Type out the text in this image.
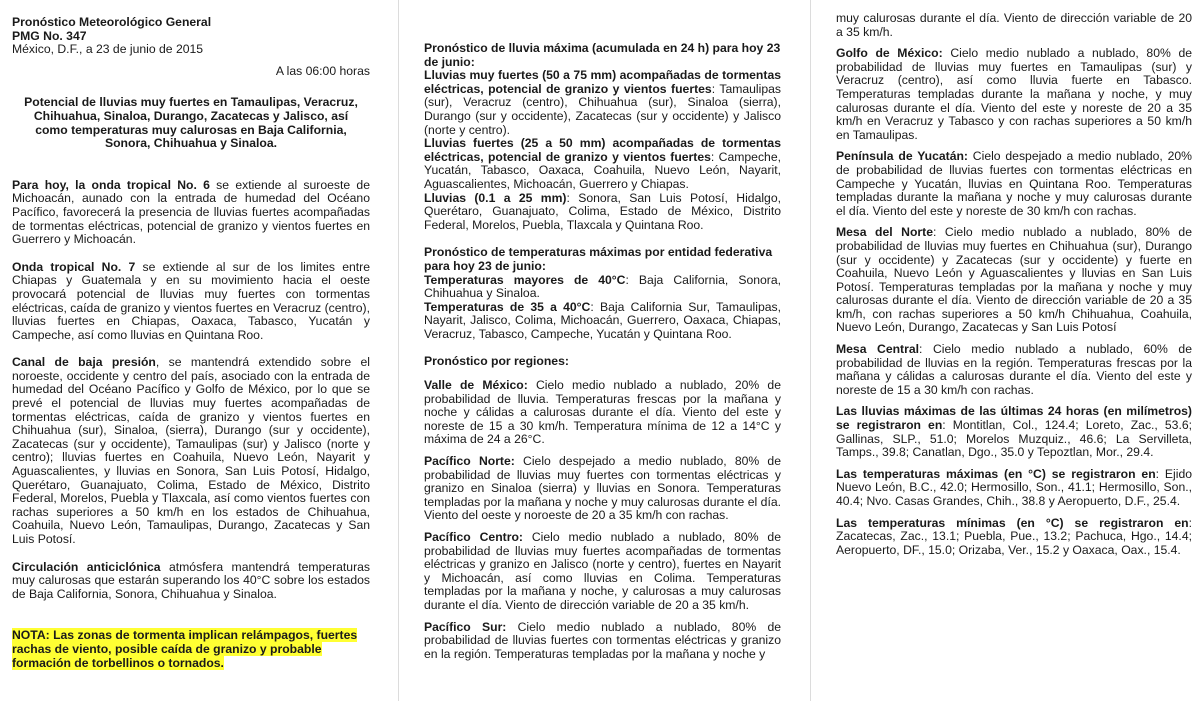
Pronóstico Meteorológico General

PMG No. 347

México, D.F., a 23 de junio de 2015

A las 06:00 horas

Potencial de lluvias muy fuertes en Tamaulipas, Veracruz, Chihuahua, Sinaloa, Durango, Zacatecas y Jalisco, así como temperaturas muy calurosas en Baja California, Sonora, Chihuahua y Sinaloa.

Para hoy, la onda tropical No. 6 se extiende al suroeste de Michoacán, aunado con la entrada de humedad del Océano Pacífico, favorecerá la presencia de lluvias fuertes acompañadas de tormentas eléctricas, potencial de granizo y vientos fuertes en Guerrero y Michoacán.

Onda tropical No. 7 se extiende al sur de los limites entre Chiapas y Guatemala y en su movimiento hacia el oeste provocará potencial de lluvias muy fuertes con tormentas eléctricas, caída de granizo y vientos fuertes en Veracruz (centro), lluvias fuertes en Chiapas, Oaxaca, Tabasco, Yucatán y Campeche, así como lluvias en Quintana Roo.

Canal de baja presión, se mantendrá extendido sobre el noroeste, occidente y centro del país, asociado con la entrada de humedad del Océano Pacífico y Golfo de México, por lo que se prevé el potencial de lluvias muy fuertes acompañadas de tormentas eléctricas, caída de granizo y vientos fuertes en Chihuahua (sur), Sinaloa, (sierra), Durango (sur y occidente), Zacatecas (sur y occidente), Tamaulipas (sur) y Jalisco (norte y centro); lluvias fuertes en Coahuila, Nuevo León, Nayarit y Aguascalientes, y lluvias en Sonora, San Luis Potosí, Hidalgo, Querétaro, Guanajuato, Colima, Estado de México, Distrito Federal, Morelos, Puebla y Tlaxcala, así como vientos fuertes con rachas superiores a 50 km/h en los estados de Chihuahua, Coahuila, Nuevo León, Tamaulipas, Durango, Zacatecas y San Luis Potosí.

Circulación anticiclónica atmósfera mantendrá temperaturas muy calurosas que estarán superando los 40°C sobre los estados de Baja California, Sonora, Chihuahua y Sinaloa.

NOTA: Las zonas de tormenta implican relámpagos, fuertes rachas de viento, posible caída de granizo y probable formación de torbellinos o tornados.

Pronóstico de lluvia máxima (acumulada en 24 h) para hoy 23 de junio:

Lluvias muy fuertes (50 a 75 mm) acompañadas de tormentas eléctricas, potencial de granizo y vientos fuertes: Tamaulipas (sur), Veracruz (centro), Chihuahua (sur), Sinaloa (sierra), Durango (sur y occidente), Zacatecas (sur y occidente) y Jalisco (norte y centro).

Lluvias fuertes (25 a 50 mm) acompañadas de tormentas eléctricas, potencial de granizo y vientos fuertes: Campeche, Yucatán, Tabasco, Oaxaca, Coahuila, Nuevo León, Nayarit, Aguascalientes, Michoacán, Guerrero y Chiapas.

Lluvias (0.1 a 25 mm): Sonora, San Luis Potosí, Hidalgo, Querétaro, Guanajuato, Colima, Estado de México, Distrito Federal, Morelos, Puebla, Tlaxcala y Quintana Roo.

Pronóstico de temperaturas máximas por entidad federativa para hoy 23 de junio:

Temperaturas mayores de 40°C: Baja California, Sonora, Chihuahua y Sinaloa.

Temperaturas de 35 a 40°C: Baja California Sur, Tamaulipas, Nayarit, Jalisco, Colima, Michoacán, Guerrero, Oaxaca, Chiapas, Veracruz, Tabasco, Campeche, Yucatán y Quintana Roo.

Pronóstico por regiones:

Valle de México: Cielo medio nublado a nublado, 20% de probabilidad de lluvia. Temperaturas frescas por la mañana y noche y cálidas a calurosas durante el día. Viento del este y noreste de 15 a 30 km/h. Temperatura mínima de 12 a 14°C y máxima de 24 a 26°C.

Pacífico Norte: Cielo despejado a medio nublado, 80% de probabilidad de lluvias muy fuertes con tormentas eléctricas y granizo en Sinaloa (sierra) y lluvias en Sonora. Temperaturas templadas por la mañana y noche y muy calurosas durante el día. Viento del oeste y noroeste de 20 a 35 km/h con rachas.

Pacífico Centro: Cielo medio nublado a nublado, 80% de probabilidad de lluvias muy fuertes acompañadas de tormentas eléctricas y granizo en Jalisco (norte y centro), fuertes en Nayarit y Michoacán, así como lluvias en Colima. Temperaturas templadas por la mañana y noche, y calurosas a muy calurosas durante el día. Viento de dirección variable de 20 a 35 km/h.

Pacífico Sur: Cielo medio nublado a nublado, 80% de probabilidad de lluvias fuertes con tormentas eléctricas y granizo en la región. Temperaturas templadas por la mañana y noche y

muy calurosas durante el día. Viento de dirección variable de 20 a 35 km/h.

Golfo de México: Cielo medio nublado a nublado, 80% de probabilidad de lluvias muy fuertes en Tamaulipas (sur) y Veracruz (centro), así como lluvia fuerte en Tabasco. Temperaturas templadas durante la mañana y noche, y muy calurosas durante el día. Viento del este y noreste de 20 a 35 km/h en Veracruz y Tabasco y con rachas superiores a 50 km/h en Tamaulipas.

Península de Yucatán: Cielo despejado a medio nublado, 20% de probabilidad de lluvias fuertes con tormentas eléctricas en Campeche y Yucatán, lluvias en Quintana Roo. Temperaturas templadas durante la mañana y noche y muy calurosas durante el día. Viento del este y noreste de 30 km/h con rachas.

Mesa del Norte: Cielo medio nublado a nublado, 80% de probabilidad de lluvias muy fuertes en Chihuahua (sur), Durango (sur y occidente) y Zacatecas (sur y occidente) y fuerte en Coahuila, Nuevo León y Aguascalientes y lluvias en San Luis Potosí. Temperaturas templadas por la mañana y noche y muy calurosas durante el día. Viento de dirección variable de 20 a 35 km/h, con rachas superiores a 50 km/h Chihuahua, Coahuila, Nuevo León, Durango, Zacatecas y San Luis Potosí

Mesa Central: Cielo medio nublado a nublado, 60% de probabilidad de lluvias en la región. Temperaturas frescas por la mañana y cálidas a calurosas durante el día. Viento del este y noreste de 15 a 30 km/h con rachas.

Las lluvias máximas de las últimas 24 horas (en milímetros) se registraron en: Montitlan, Col., 124.4; Loreto, Zac., 53.6; Gallinas, SLP., 51.0; Morelos Muzquiz., 46.6; La Servilleta, Tamps., 39.8; Canatlan, Dgo., 35.0 y Tepoztlan, Mor., 29.4.

Las temperaturas máximas (en °C) se registraron en: Ejido Nuevo León, B.C., 42.0; Hermosillo, Son., 41.1; Hermosillo, Son., 40.4; Nvo. Casas Grandes, Chih., 38.8 y Aeropuerto, D.F., 25.4.

Las temperaturas mínimas (en °C) se registraron en: Zacatecas, Zac., 13.1; Puebla, Pue., 13.2; Pachuca, Hgo., 14.4; Aeropuerto, DF., 15.0; Orizaba, Ver., 15.2 y Oaxaca, Oax., 15.4.
